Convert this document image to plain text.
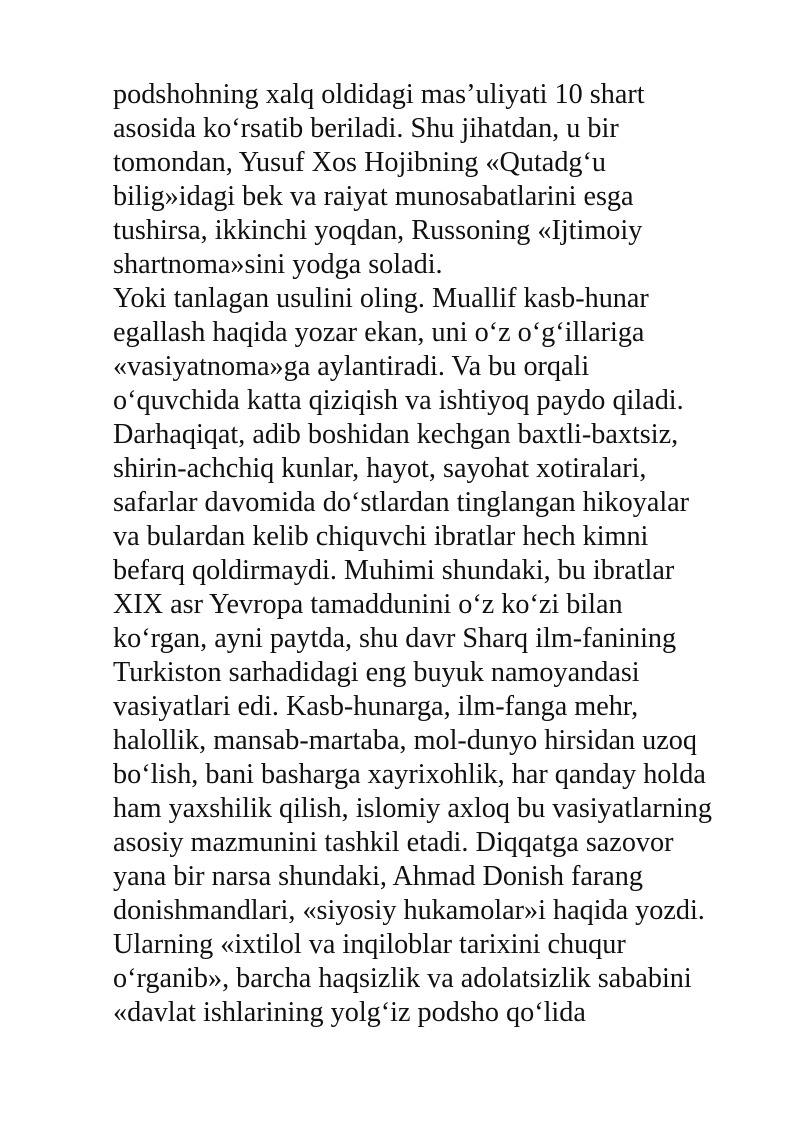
podshohning xalq oldidagi mas’uliyati 10 shart
asosida ko‘rsatib beriladi. Shu jihatdan, u bir
tomondan, Yusuf Xos Hojibning «Qutadg‘u
bilig»idagi bek va raiyat munosabatlarini esga
tushirsa, ikkinchi yoqdan, Russoning «Ijtimoiy
shartnoma»sini yodga soladi.
Yoki tanlagan usulini oling. Muallif kasb-hunar
egallash haqida yozar ekan, uni o‘z o‘g‘illariga
«vasiyatnoma»ga aylantiradi. Va bu orqali
o‘quvchida katta qiziqish va ishtiyoq paydo qiladi.
Darhaqiqat, adib boshidan kechgan baxtli-baxtsiz,
shirin-achchiq kunlar, hayot, sayohat xotiralari,
safarlar davomida do‘stlardan tinglangan hikoyalar
va bulardan kelib chiquvchi ibratlar hech kimni
befarq qoldirmaydi. Muhimi shundaki, bu ibratlar
XIX asr Yevropa tamaddunini o‘z ko‘zi bilan
ko‘rgan, ayni paytda, shu davr Sharq ilm-fanining
Turkiston sarhadidagi eng buyuk namoyandasi
vasiyatlari edi. Kasb-hunarga, ilm-fanga mehr,
halollik, mansab-martaba, mol-dunyo hirsidan uzoq
bo‘lish, bani basharga xayrixohlik, har qanday holda
ham yaxshilik qilish, islomiy axloq bu vasiyatlarning
asosiy mazmunini tashkil etadi. Diqqatga sazovor
yana bir narsa shundaki, Ahmad Donish farang
donishmandlari, «siyosiy hukamolar»i haqida yozdi.
Ularning «ixtilol va inqiloblar tarixini chuqur
o‘rganib», barcha haqsizlik va adolatsizlik sababini
«davlat ishlarining yolg‘iz podsho qo‘lida
